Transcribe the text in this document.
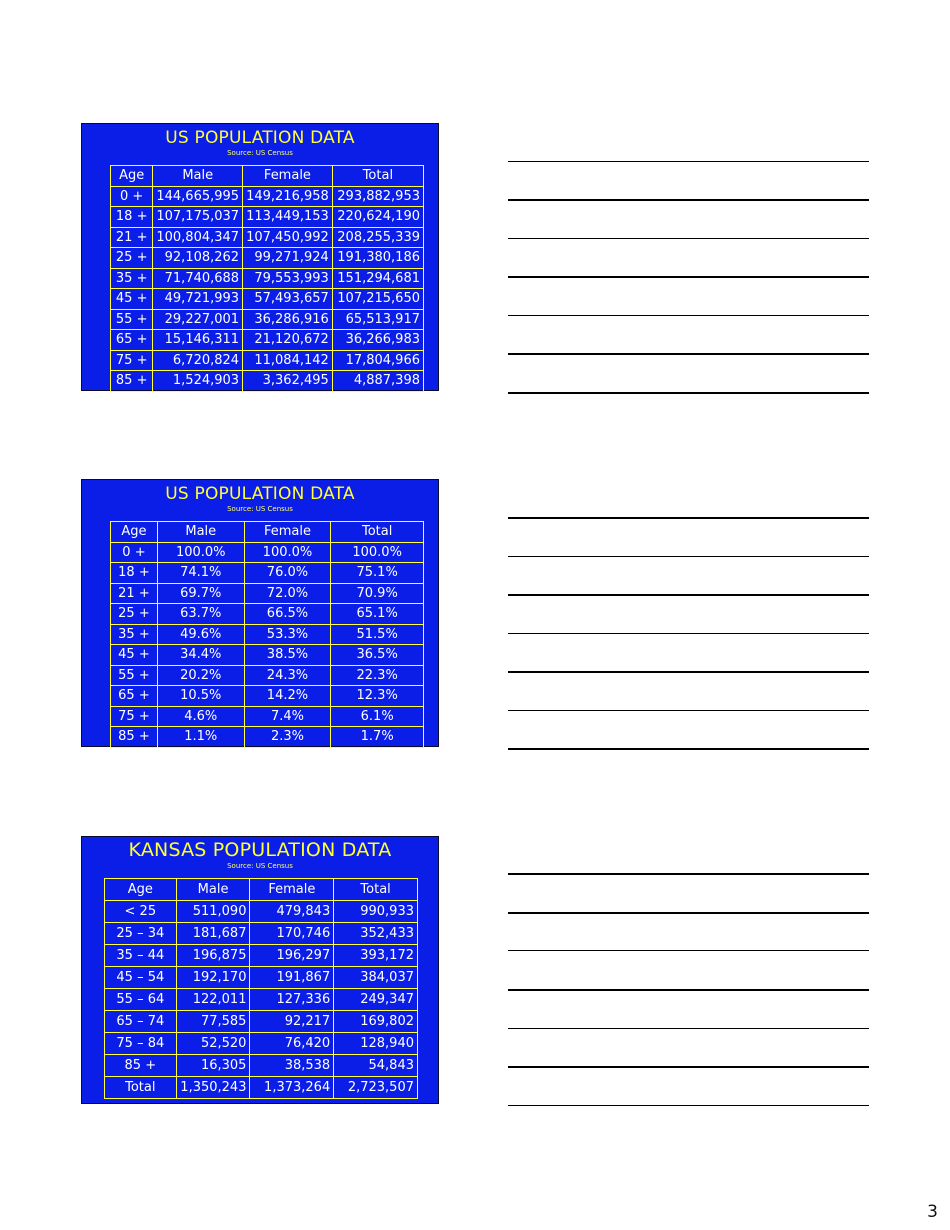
US POPULATION DATA
Source: US Census
Age	Male	Female	Total
0 +	144,665,995	149,216,958	293,882,953
18 +	107,175,037	113,449,153	220,624,190
21 +	100,804,347	107,450,992	208,255,339
25 +	92,108,262	99,271,924	191,380,186
35 +	71,740,688	79,553,993	151,294,681
45 +	49,721,993	57,493,657	107,215,650
55 +	29,227,001	36,286,916	65,513,917
65 +	15,146,311	21,120,672	36,266,983
75 +	6,720,824	11,084,142	17,804,966
85 +	1,524,903	3,362,495	4,887,398
US POPULATION DATA
Source: US Census
Age	Male	Female	Total
0 +	100.0%	100.0%	100.0%
18 +	74.1%	76.0%	75.1%
21 +	69.7%	72.0%	70.9%
25 +	63.7%	66.5%	65.1%
35 +	49.6%	53.3%	51.5%
45 +	34.4%	38.5%	36.5%
55 +	20.2%	24.3%	22.3%
65 +	10.5%	14.2%	12.3%
75 +	4.6%	7.4%	6.1%
85 +	1.1%	2.3%	1.7%
KANSAS POPULATION DATA
Source: US Census
Age	Male	Female	Total
< 25	511,090	479,843	990,933
25 – 34	181,687	170,746	352,433
35 – 44	196,875	196,297	393,172
45 – 54	192,170	191,867	384,037
55 – 64	122,011	127,336	249,347
65 – 74	77,585	92,217	169,802
75 – 84	52,520	76,420	128,940
85 +	16,305	38,538	54,843
Total	1,350,243	1,373,264	2,723,507
3
